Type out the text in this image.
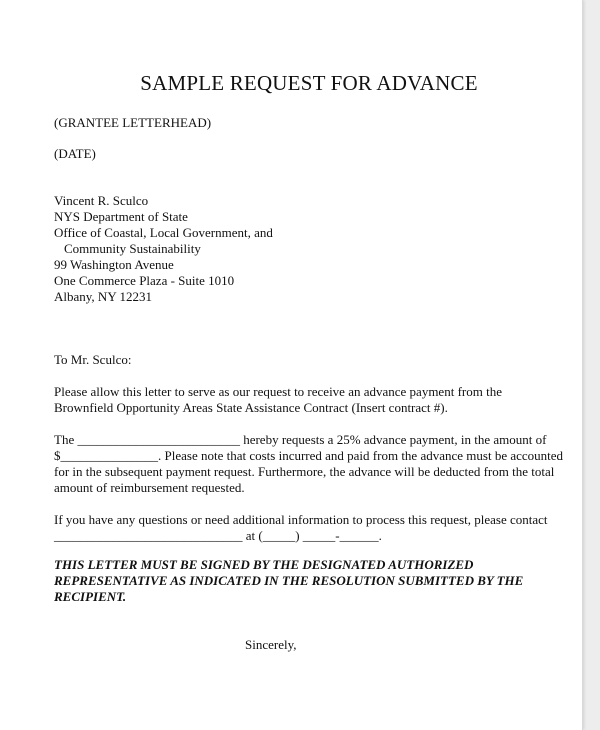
SAMPLE REQUEST FOR ADVANCE
(GRANTEE LETTERHEAD)
(DATE)
Vincent R. Sculco
NYS Department of State
Office of Coastal, Local Government, and
Community Sustainability
99 Washington Avenue
One Commerce Plaza - Suite 1010
Albany, NY 12231
To Mr. Sculco:
Please allow this letter to serve as our request to receive an advance payment from the
Brownfield Opportunity Areas State Assistance Contract (Insert contract #).
The _________________________ hereby requests a 25% advance payment, in the amount of
$_______________. Please note that costs incurred and paid from the advance must be accounted
for in the subsequent payment request. Furthermore, the advance will be deducted from the total
amount of reimbursement requested.
If you have any questions or need additional information to process this request, please contact
_____________________________ at (_____) _____-______.
THIS LETTER MUST BE SIGNED BY THE DESIGNATED AUTHORIZED
REPRESENTATIVE AS INDICATED IN THE RESOLUTION SUBMITTED BY THE
RECIPIENT.
Sincerely,
